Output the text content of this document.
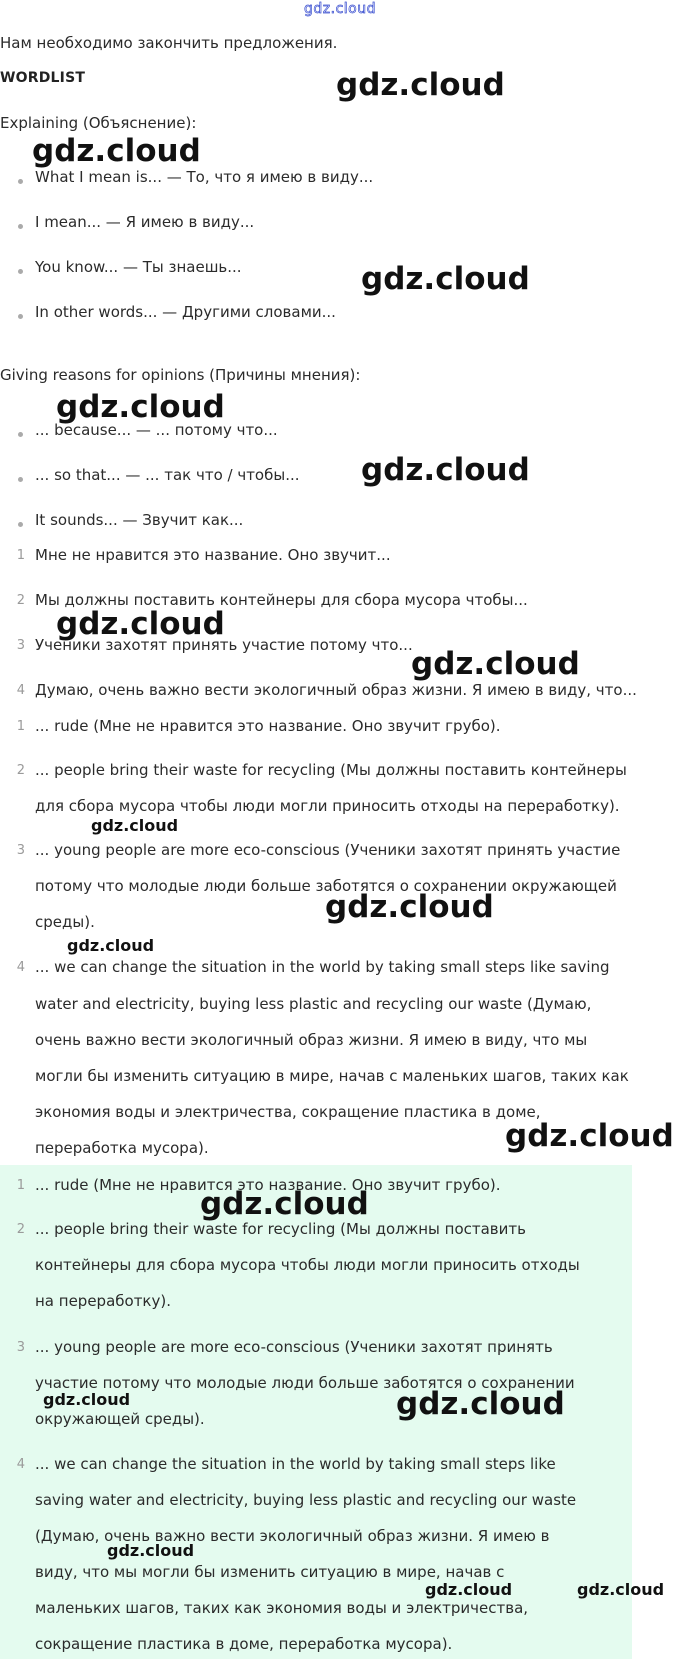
gdz.cloud
Нам необходимо закончить предложения.
WORDLIST
Explaining (Объяснение):
What I mean is... — То, что я имею в виду...
I mean... — Я имею в виду...
You know... — Ты знаешь...
In other words... — Другими словами...
Giving reasons for opinions (Причины мнения):
... because... — ... потому что...
... so that... — ... так что / чтобы...
It sounds... — Звучит как...
1 Мне не нравится это название. Оно звучит...
2 Мы должны поставить контейнеры для сбора мусора чтобы...
3 Ученики захотят принять участие потому что...
4 Думаю, очень важно вести экологичный образ жизни. Я имею в виду, что...
1 ... rude (Мне не нравится это название. Оно звучит грубо).
2 ... people bring their waste for recycling (Мы должны поставить контейнеры
для сбора мусора чтобы люди могли приносить отходы на переработку).
3 ... young people are more eco-conscious (Ученики захотят принять участие
потому что молодые люди больше заботятся о сохранении окружающей
среды).
4 ... we can change the situation in the world by taking small steps like saving
water and electricity, buying less plastic and recycling our waste (Думаю,
очень важно вести экологичный образ жизни. Я имею в виду, что мы
могли бы изменить ситуацию в мире, начав с маленьких шагов, таких как
экономия воды и электричества, сокращение пластика в доме,
переработка мусора).
1 ... rude (Мне не нравится это название. Оно звучит грубо).
2 ... people bring their waste for recycling (Мы должны поставить
контейнеры для сбора мусора чтобы люди могли приносить отходы
на переработку).
3 ... young people are more eco-conscious (Ученики захотят принять
участие потому что молодые люди больше заботятся о сохранении
окружающей среды).
4 ... we can change the situation in the world by taking small steps like
saving water and electricity, buying less plastic and recycling our waste
(Думаю, очень важно вести экологичный образ жизни. Я имею в
виду, что мы могли бы изменить ситуацию в мире, начав с
маленьких шагов, таких как экономия воды и электричества,
сокращение пластика в доме, переработка мусора).
gdz.cloud
gdz.cloud
gdz.cloud
gdz.cloud
gdz.cloud
gdz.cloud
gdz.cloud
gdz.cloud
gdz.cloud
gdz.cloud
gdz.cloud
gdz.cloud
gdz.cloud	gdz.cloud
gdz.cloud
gdz.cloud	gdz.cloud
